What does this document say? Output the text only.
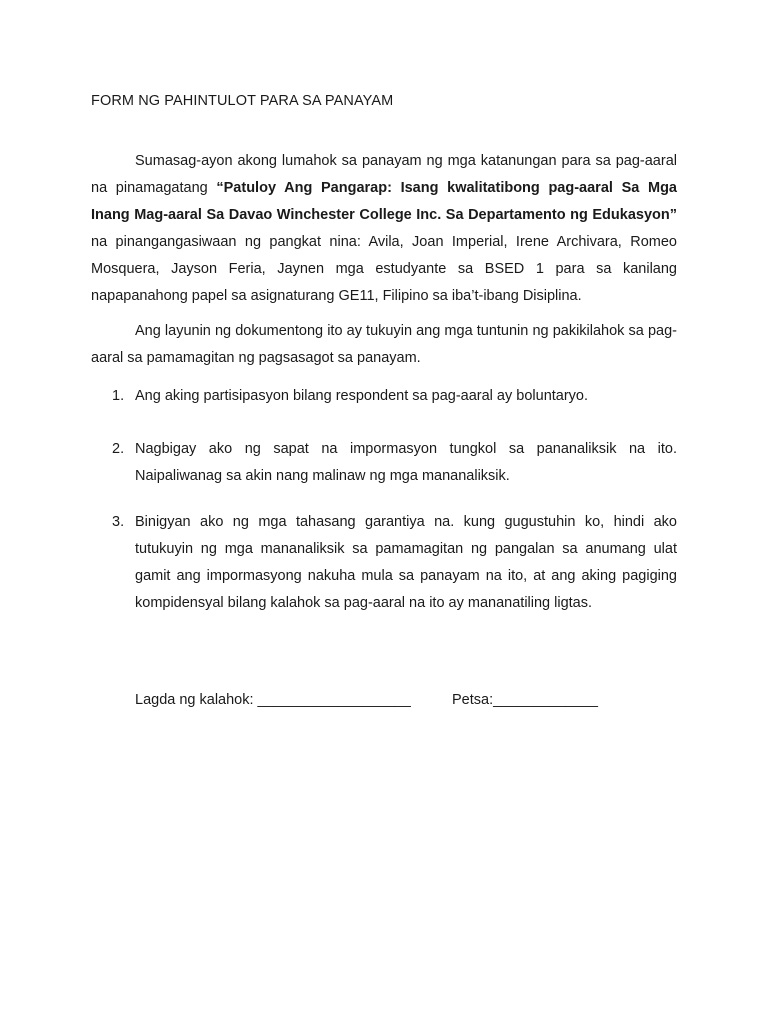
FORM NG PAHINTULOT PARA SA PANAYAM

Sumasag-ayon akong lumahok sa panayam ng mga katanungan para sa pag-aaral na pinamagatang “Patuloy Ang Pangarap: Isang kwalitatibong pag-aaral Sa Mga Inang Mag-aaral Sa Davao Winchester College Inc. Sa Departamento ng Edukasyon” na pinangangasiwaan ng pangkat nina: Avila, Joan Imperial, Irene Archivara, Romeo Mosquera, Jayson Feria, Jaynen mga estudyante sa BSED 1 para sa kanilang napapanahong papel sa asignaturang GE11, Filipino sa iba’t-ibang Disiplina.

Ang layunin ng dokumentong ito ay tukuyin ang mga tuntunin ng pakikilahok sa pag-aaral sa pamamagitan ng pagsasagot sa panayam.

1. Ang aking partisipasyon bilang respondent sa pag-aaral ay boluntaryo.
2. Nagbigay ako ng sapat na impormasyon tungkol sa pananaliksik na ito. Naipaliwanag sa akin nang malinaw ng mga mananaliksik.
3. Binigyan ako ng mga tahasang garantiya na. kung gugustuhin ko, hindi ako tutukuyin ng mga mananaliksik sa pamamagitan ng pangalan sa anumang ulat gamit ang impormasyong nakuha mula sa panayam na ito, at ang aking pagiging kompidensyal bilang kalahok sa pag-aaral na ito ay mananatiling ligtas.
Lagda ng kalahok: ___________________	Petsa:_____________
